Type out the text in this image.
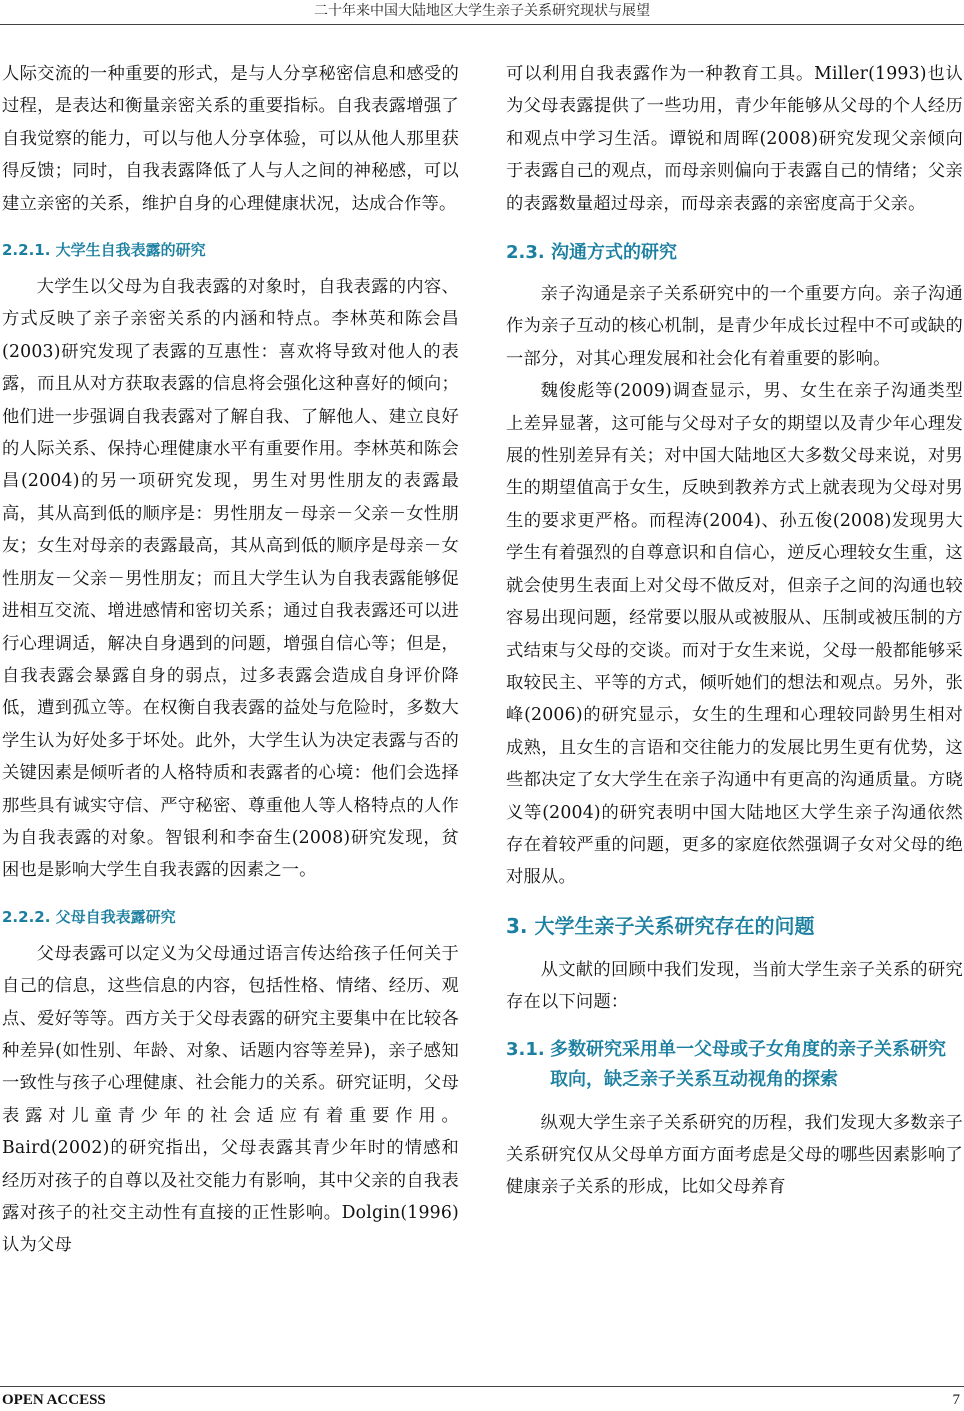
二十年来中国大陆地区大学生亲子关系研究现状与展望

人际交流的一种重要的形式，是与人分享秘密信息和感受的过程，是表达和衡量亲密关系的重要指标。自我表露增强了自我觉察的能力，可以与他人分享体验，可以从他人那里获得反馈；同时，自我表露降低了人与人之间的神秘感，可以建立亲密的关系，维护自身的心理健康状况，达成合作等。

2.2.1. 大学生自我表露的研究

大学生以父母为自我表露的对象时，自我表露的内容、方式反映了亲子亲密关系的内涵和特点。李林英和陈会昌(2003)研究发现了表露的互惠性：喜欢将导致对他人的表露，而且从对方获取表露的信息将会强化这种喜好的倾向；他们进一步强调自我表露对了解自我、了解他人、建立良好的人际关系、保持心理健康水平有重要作用。李林英和陈会昌(2004)的另一项研究发现，男生对男性朋友的表露最高，其从高到低的顺序是：男性朋友－母亲－父亲－女性朋友；女生对母亲的表露最高，其从高到低的顺序是母亲－女性朋友－父亲－男性朋友；而且大学生认为自我表露能够促进相互交流、增进感情和密切关系；通过自我表露还可以进行心理调适，解决自身遇到的问题，增强自信心等；但是，自我表露会暴露自身的弱点，过多表露会造成自身评价降低，遭到孤立等。在权衡自我表露的益处与危险时，多数大学生认为好处多于坏处。此外，大学生认为决定表露与否的关键因素是倾听者的人格特质和表露者的心境：他们会选择那些具有诚实守信、严守秘密、尊重他人等人格特点的人作为自我表露的对象。智银利和李奋生(2008)研究发现，贫困也是影响大学生自我表露的因素之一。

2.2.2. 父母自我表露研究

父母表露可以定义为父母通过语言传达给孩子任何关于自己的信息，这些信息的内容，包括性格、情绪、经历、观点、爱好等等。西方关于父母表露的研究主要集中在比较各种差异(如性别、年龄、对象、话题内容等差异)，亲子感知一致性与孩子心理健康、社会能力的关系。研究证明，父母表露对儿童青少年的社会适应有着重要作用。Baird(2002)的研究指出，父母表露其青少年时的情感和经历对孩子的自尊以及社交能力有影响，其中父亲的自我表露对孩子的社交主动性有直接的正性影响。Dolgin(1996)认为父母

可以利用自我表露作为一种教育工具。Miller(1993)也认为父母表露提供了一些功用，青少年能够从父母的个人经历和观点中学习生活。谭锐和周晖(2008)研究发现父亲倾向于表露自己的观点，而母亲则偏向于表露自己的情绪；父亲的表露数量超过母亲，而母亲表露的亲密度高于父亲。

2.3. 沟通方式的研究

亲子沟通是亲子关系研究中的一个重要方向。亲子沟通作为亲子互动的核心机制，是青少年成长过程中不可或缺的一部分，对其心理发展和社会化有着重要的影响。

魏俊彪等(2009)调查显示，男、女生在亲子沟通类型上差异显著，这可能与父母对子女的期望以及青少年心理发展的性别差异有关；对中国大陆地区大多数父母来说，对男生的期望值高于女生，反映到教养方式上就表现为父母对男生的要求更严格。而程涛(2004)、孙五俊(2008)发现男大学生有着强烈的自尊意识和自信心，逆反心理较女生重，这就会使男生表面上对父母不做反对，但亲子之间的沟通也较容易出现问题，经常要以服从或被服从、压制或被压制的方式结束与父母的交谈。而对于女生来说，父母一般都能够采取较民主、平等的方式，倾听她们的想法和观点。另外，张峰(2006)的研究显示，女生的生理和心理较同龄男生相对成熟，且女生的言语和交往能力的发展比男生更有优势，这些都决定了女大学生在亲子沟通中有更高的沟通质量。方晓义等(2004)的研究表明中国大陆地区大学生亲子沟通依然存在着较严重的问题，更多的家庭依然强调子女对父母的绝对服从。

3. 大学生亲子关系研究存在的问题

从文献的回顾中我们发现，当前大学生亲子关系的研究存在以下问题：

3.1. 多数研究采用单一父母或子女角度的亲子关系研究取向，缺乏亲子关系互动视角的探索

纵观大学生亲子关系研究的历程，我们发现大多数亲子关系研究仅从父母单方面方面考虑是父母的哪些因素影响了健康亲子关系的形成，比如父母养育

OPEN ACCESS	7
